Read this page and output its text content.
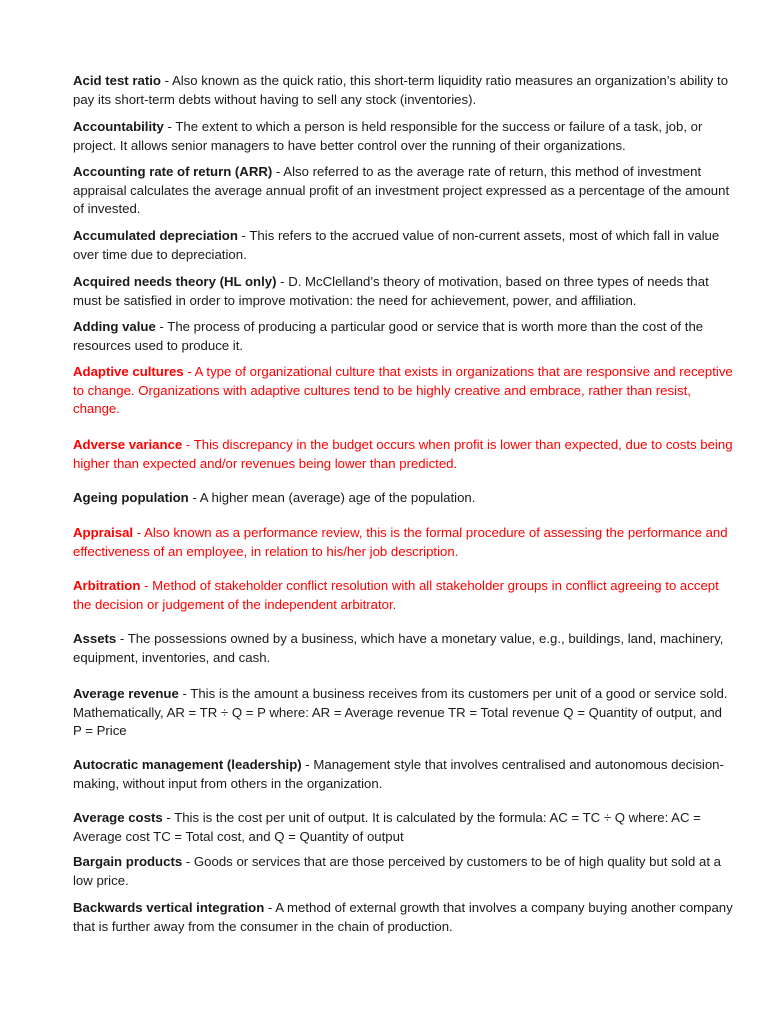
Acid test ratio - Also known as the quick ratio, this short-term liquidity ratio measures an organization’s ability to pay its short-term debts without having to sell any stock (inventories).

Accountability - The extent to which a person is held responsible for the success or failure of a task, job, or project. It allows senior managers to have better control over the running of their organizations.

Accounting rate of return (ARR) - Also referred to as the average rate of return, this method of investment appraisal calculates the average annual profit of an investment project expressed as a percentage of the amount of invested.

Accumulated depreciation - This refers to the accrued value of non-current assets, most of which fall in value over time due to depreciation.

Acquired needs theory (HL only) - D. McClelland’s theory of motivation, based on three types of needs that must be satisfied in order to improve motivation: the need for achievement, power, and affiliation.

Adding value - The process of producing a particular good or service that is worth more than the cost of the resources used to produce it.

Adaptive cultures - A type of organizational culture that exists in organizations that are responsive and receptive to change. Organizations with adaptive cultures tend to be highly creative and embrace, rather than resist, change.

Adverse variance - This discrepancy in the budget occurs when profit is lower than expected, due to costs being higher than expected and/or revenues being lower than predicted.

Ageing population - A higher mean (average) age of the population.

Appraisal - Also known as a performance review, this is the formal procedure of assessing the performance and effectiveness of an employee, in relation to his/her job description.

Arbitration - Method of stakeholder conflict resolution with all stakeholder groups in conflict agreeing to accept the decision or judgement of the independent arbitrator.

Assets - The possessions owned by a business, which have a monetary value, e.g., buildings, land, machinery, equipment, inventories, and cash.

Average revenue - This is the amount a business receives from its customers per unit of a good or service sold. Mathematically, AR = TR ÷ Q = P where: AR = Average revenue TR = Total revenue Q = Quantity of output, and P = Price

Autocratic management (leadership) - Management style that involves centralised and autonomous decision-making, without input from others in the organization.

Average costs - This is the cost per unit of output. It is calculated by the formula: AC = TC ÷ Q where: AC = Average cost TC = Total cost, and Q = Quantity of output

Bargain products - Goods or services that are those perceived by customers to be of high quality but sold at a low price.

Backwards vertical integration - A method of external growth that involves a company buying another company that is further away from the consumer in the chain of production.
